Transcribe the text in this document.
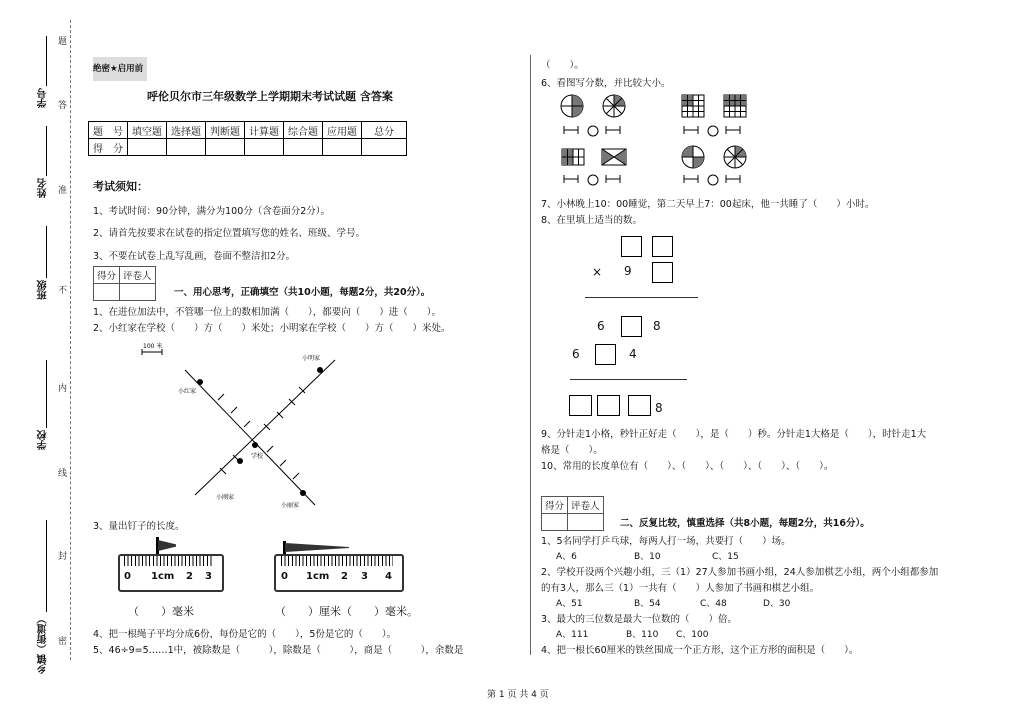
题
答
准
不
内
线
封
密
学号
姓名
班级
学校
乡镇（街道）
绝密★启用前
呼伦贝尔市三年级数学上学期期末考试试题 含答案
题　号	填空题	选择题	判断题	计算题	综合题	应用题	总分
得　分							
考试须知：
1、考试时间：90分钟，满分为100分（含卷面分2分）。
2、请首先按要求在试卷的指定位置填写您的姓名、班级、学号。
3、不要在试卷上乱写乱画，卷面不整洁扣2分。
得分	评卷人

一、用心思考，正确填空（共10小题，每题2分，共20分）。
1、在进位加法中，不管哪一位上的数相加满（　　），都要向（　　）进（　　）。
2、小红家在学校（　　）方（　　）米处；小明家在学校（　　）方（　　）米处。
100 米
小红家
小明家
学校
小刚家
小丽家
3、量出钉子的长度。
0 1cm 2 3	0 1cm 2 3 4
（　　）毫米	（　　）厘米（　　）毫米。
4、把一根绳子平均分成6份，每份是它的（　　），5份是它的（　　）。
5、46÷9=5……1中，被除数是（　　　），除数是（　　　），商是（　　　），余数是
（　　）。
6、看图写分数，并比较大小。
7、小林晚上10：00睡觉，第二天早上7：00起床，他一共睡了（　　）小时。
8、在里填上适当的数。
× 9
6	8
6	4
8
9、分针走1小格，秒针正好走（　　），是（　　）秒。分针走1大格是（　　），时针走1大
格是（　　）。
10、常用的长度单位有（　　）、（　　）、（　　）、（　　）、（　　）。
得分	评卷人

二、反复比较，慎重选择（共8小题，每题2分，共16分）。
1、5名同学打乒乓球，每两人打一场，共要打（　　）场。
A、6	B、10	C、15
2、学校开设两个兴趣小组，三（1）27人参加书画小组，24人参加棋艺小组，两个小组都参加
的有3人，那么三（1）一共有（　　）人参加了书画和棋艺小组。
A、51	B、54	C、48	D、30
3、最大的三位数是最大一位数的（　　）倍。
A、111	B、110 C、100
4、把一根长60厘米的铁丝围成一个正方形，这个正方形的面积是（　　）。
第 1 页 共 4 页
